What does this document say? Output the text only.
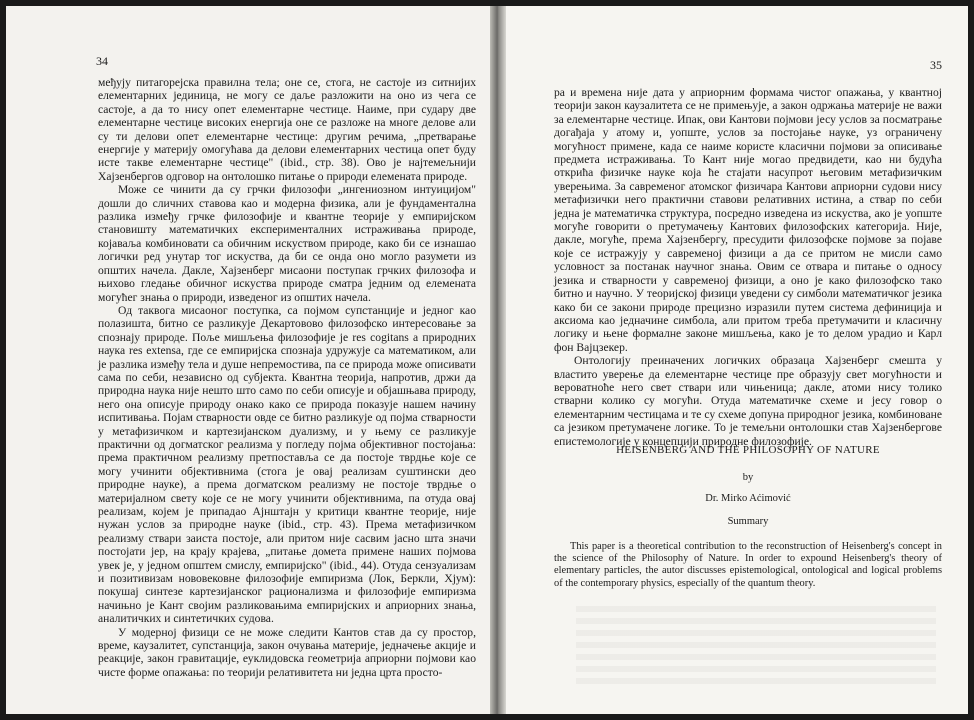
34

међују питагорејска правилна тела; оне се, стога, не састоје из ситнијих елементарних јединица, не могу се даље разложити на оно из чега се састоје, а да то нису опет елементарне честице. Наиме, при судару две елементарне честице високих енергија оне се разложе на многе делове али су ти делови опет елементарне честице: другим речима, „претварање енергије у материју омогућава да делови елементарних честица опет буду исте такве елементарне честице" (ibid., стр. 38). Ово је најтемељнији Хајзенбергов одговор на онтолошко питање о природи елемената природе.

Може се чинити да су грчки филозофи „ингениозном интуицијом" дошли до сличних ставова као и модерна физика, али је фундаментална разлика између грчке филозофије и квантне теорије у емпиријском становишту математичких експерименталних истраживања природе, којаваља комбиновати са обичним искуством природе, како би се изнашао логички ред унутар тог искуства, да би се онда оно могло разумети из општих начела. Дакле, Хајзенберг мисаони поступак грчких филозофа и њихово гледање обичног искуства природе сматра једним од елемената могућег знања о природи, изведеног из општих начела.

Од таквога мисаоног поступка, са појмом супстанције и једног као полазишта, битно се разликује Декартовово филозофско интересовање за спознају природе. Поље мишљења филозофије је res cogitans а природних наука res extensa, где се емпиријска спознаја удружује са математиком, али је разлика између тела и душе непремостива, па се природа може описивати сама по себи, независно од субјекта. Квантна теорија, напротив, држи да природна наука није нешто што само по себи описује и објашњава природу, него она описује природу онако како се природа показује нашем начину испитивања. Појам стварности овде се битно разликује од појма стварности у метафизичком и картезијанском дуализму, и у њему се разликује практични од догматског реализма у погледу појма објективног постојања: према практичном реализму претпоставља се да постоје тврдње које се могу учинити објективнима (стога је овај реализам суштински део природне науке), а према догматском реализму не постоје тврдње о материјалном свету које се не могу учинити објективнима, па отуда овај реализам, којем је припадао Ајнштајн у критици квантне теорије, није нужан услов за природне науке (ibid., стр. 43). Према метафизичком реализму ствари заиста постоје, али притом није сасвим јасно шта значи постојати јер, на крају крајева, „питање домета примене наших појмова увек је, у једном општем смислу, емпиријско" (ibid., 44). Отуда сензуализам и позитивизам нововековне филозофије емпиризма (Лок, Беркли, Хјум): покушај синтезе картезијанског рационализма и филозофије емпиризма начињно је Кант својим разликовањима емпиријских и априорних знања, аналитичких и синтетичких судова.

У модерној физици се не може следити Кантов став да су простор, време, каузалитет, супстанција, закон очувања материје, једначење акције и реакције, закон гравитације, еуклидовска геометрија априорни појмови као чисте форме опажања: по теорији релативитета ни једна црта просто-

35

ра и времена није дата у априорним формама чистог опажања, у квантној теорији закон каузалитета се не примењује, а закон одржања материје не важи за елементарне честице. Ипак, ови Кантови појмови јесу услов за посматрање догађаја у атому и, уопште, услов за постојање науке, уз ограничену могућност примене, када се наиме користе класични појмови за описивање предмета истраживања. То Кант није могао предвидети, као ни будућа открића физичке науке која ће стајати насупрот његовим метафизичким уверењима. За савременог атомског физичара Кантови априорни судови нису метафизички него практични ставови релативних истина, а ствар по себи једна је математичка структура, посредно изведена из искуства, ако је уопште могуће говорити о претумачењу Кантових филозофских категорија. Није, дакле, могуће, према Хајзенбергу, пресудити филозофске појмове за појаве које се истражују у савременој физици а да се притом не мисли само условност за постанак научног знања. Овим се отвара и питање о односу језика и стварности у савременој физици, а оно је како филозофско тако битно и научно. У теоријској физици уведени су симболи математичког језика како би се закони природе прецизно изразили путем система дефиниција и аксиома као једначине симбола, али притом треба претумачити и класичну логику и њене формалне законе мишљења, како је то делом урадио и Карл фон Вајцзекер.

Онтологију преиначених логичких образаца Хајзенберг смешта у властито уверење да елементарне честице пре образују свет могућности и вероватноће него свет ствари или чињеница; дакле, атоми нису толико стварни колико су могући. Отуда математичке схеме и јесу говор о елементарним честицама и те су схеме допуна природног језика, комбиноване са језиком претумачене логике. То је темељни онтолошки став Хајзенберговe епистемологије у концепцији природне филозофије.

HEISENBERG AND THE PHILOSOPHY OF NATURE
by
Dr. Mirko Aćimović
Summary
This paper is a theoretical contribution to the reconstruction of Heisenberg's concept in the science of the Philosophy of Nature. In order to expound Heisenberg's theory of elementary particles, the autor discusses epistemological, ontological and logical problems of the contemporary physics, especially of the quantum theory.
